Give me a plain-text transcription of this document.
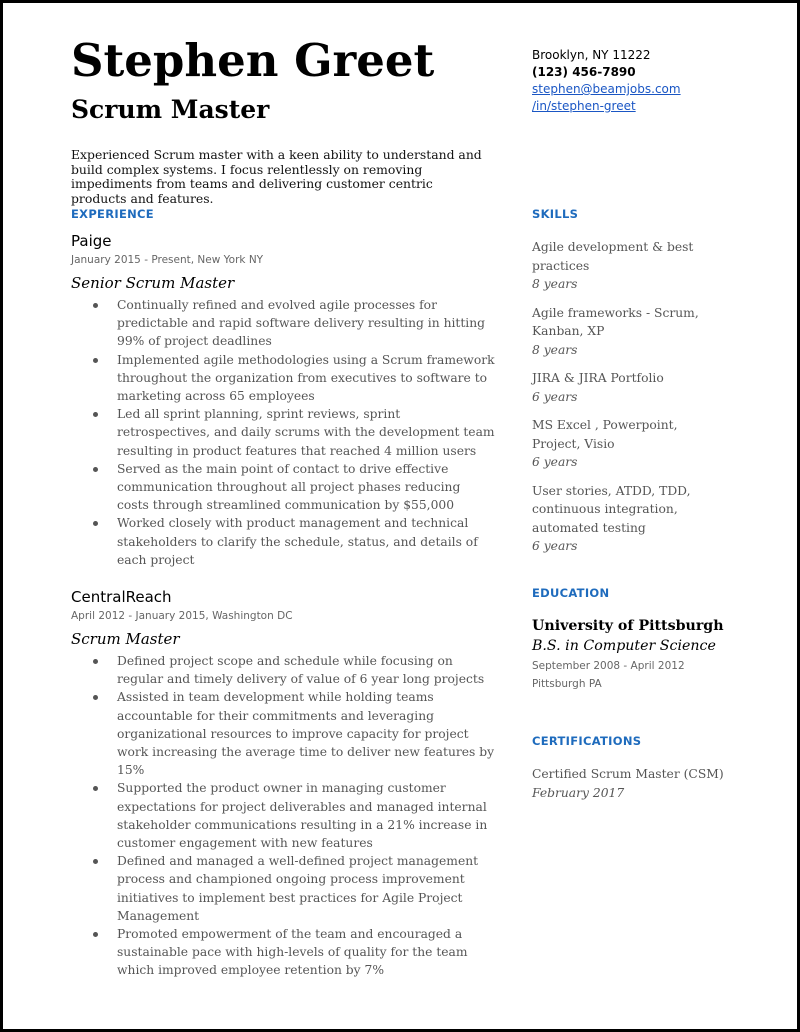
Stephen Greet
Scrum Master
Brooklyn, NY 11222
(123) 456-7890
stephen@beamjobs.com
/in/stephen-greet

Experienced Scrum master with a keen ability to understand and build complex systems. I focus relentlessly on removing impediments from teams and delivering customer centric products and features.

EXPERIENCE
Paige
January 2015 - Present, New York NY
Senior Scrum Master
Continually refined and evolved agile processes for predictable and rapid software delivery resulting in hitting 99% of project deadlines
Implemented agile methodologies using a Scrum framework throughout the organization from executives to software to marketing across 65 employees
Led all sprint planning, sprint reviews, sprint retrospectives, and daily scrums with the development team resulting in product features that reached 4 million users
Served as the main point of contact to drive effective communication throughout all project phases reducing costs through streamlined communication by $55,000
Worked closely with product management and technical stakeholders to clarify the schedule, status, and details of each project
CentralReach
April 2012 - January 2015, Washington DC
Scrum Master
Defined project scope and schedule while focusing on regular and timely delivery of value of 6 year long projects
Assisted in team development while holding teams accountable for their commitments and leveraging organizational resources to improve capacity for project work increasing the average time to deliver new features by 15%
Supported the product owner in managing customer expectations for project deliverables and managed internal stakeholder communications resulting in a 21% increase in customer engagement with new features
Defined and managed a well-defined project management process and championed ongoing process improvement initiatives to implement best practices for Agile Project Management
Promoted empowerment of the team and encouraged a sustainable pace with high-levels of quality for the team which improved employee retention by 7%
SKILLS
Agile development & best practices
8 years
Agile frameworks - Scrum, Kanban, XP
8 years
JIRA & JIRA Portfolio
6 years
MS Excel , Powerpoint, Project, Visio
6 years
User stories, ATDD, TDD, continuous integration, automated testing
6 years
EDUCATION
University of Pittsburgh
B.S. in Computer Science
September 2008 - April 2012
Pittsburgh PA
CERTIFICATIONS
Certified Scrum Master (CSM)
February 2017
